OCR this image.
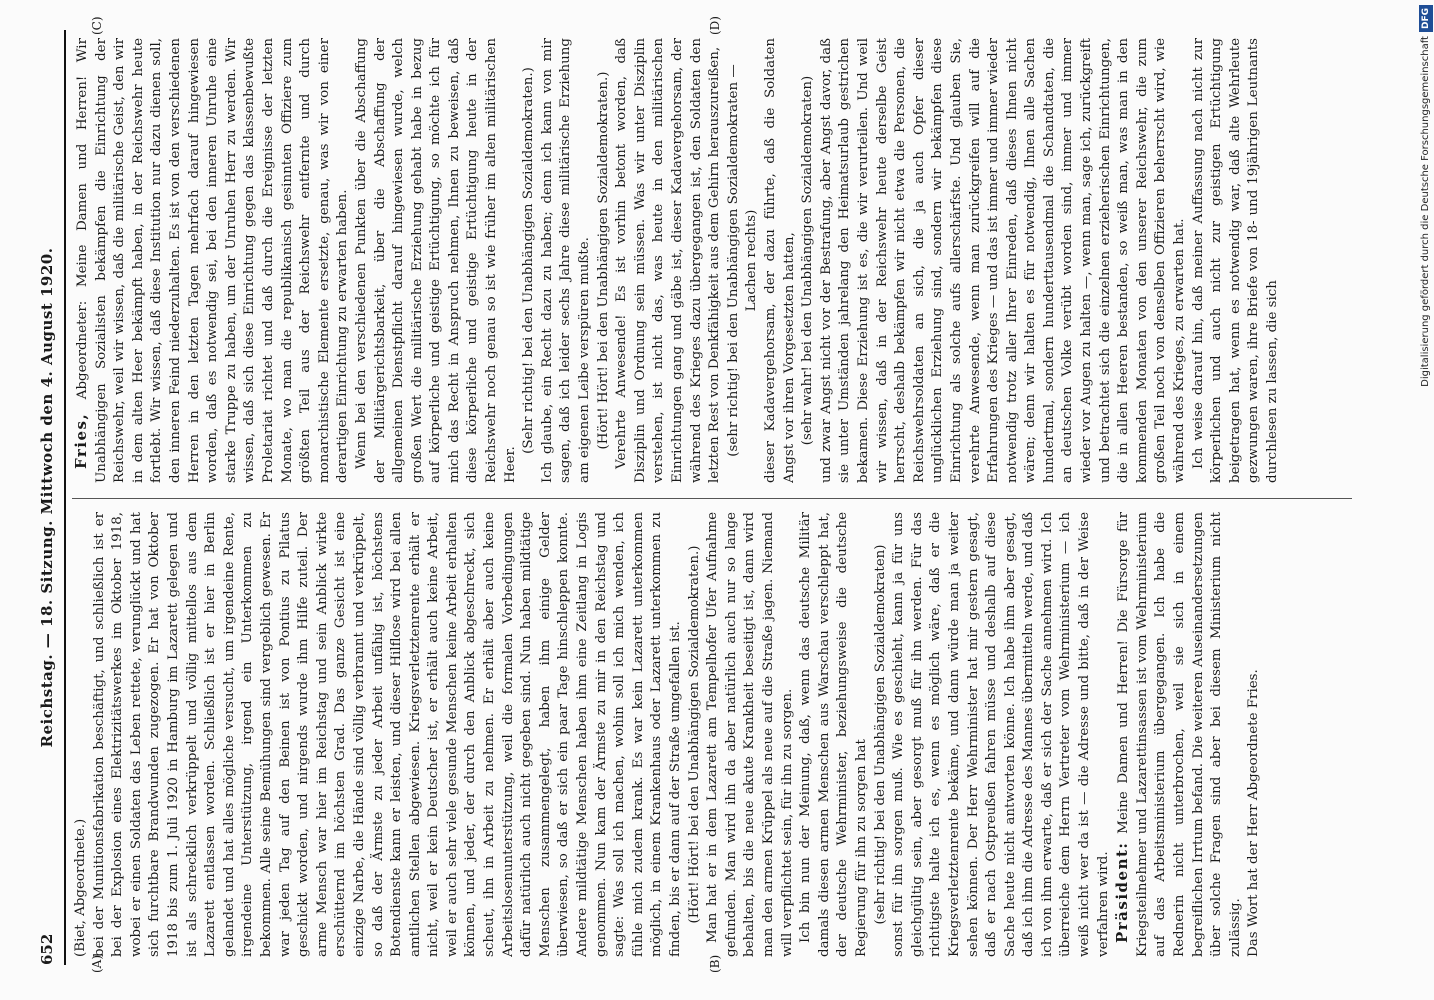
652
Reichstag. — 18. Sitzung. Mittwoch den 4. August 1920.
(A)	(B)
(C)	(D)

(Biet, Abgeordnete.) bei der Munitionsfabrikation beschäftigt, und schließlich ist er bei der Explosion eines Elektrizitätswerkes im Oktober 1918, wobei er einen Soldaten das Leben rettete, verunglückt und hat sich furchtbare Brandwunden zugezogen. Er hat von Oktober 1918 bis zum 1. Juli 1920 in Hamburg im Lazarett gelegen und ist als schrecklich verkrüppelt und völlig mittellos aus dem Lazarett entlassen worden. Schließlich ist er hier in Berlin gelandet und hat alles mögliche versucht, um irgendeine Rente, irgendeine Unterstützung, irgend ein Unterkommen zu bekommen. Alle seine Bemühungen sind vergeblich gewesen. Er war jeden Tag auf den Beinen ist von Pontius zu Pilatus geschickt worden, und nirgends wurde ihm Hilfe zuteil. Der arme Mensch war hier im Reichstag und sein Anblick wirkte erschütternd im höchsten Grad. Das ganze Gesicht ist eine einzige Narbe, die Hände sind völlig verbrannt und verkrüppelt, so daß der Ärmste zu jeder Arbeit unfähig ist, höchstens Botendienste kann er leisten, und dieser Hilflose wird bei allen amtlichen Stellen abgewiesen. Kriegsverletztenrente erhält er nicht, weil er kein Deutscher ist, er erhält auch keine Arbeit, weil er auch sehr viele gesunde Menschen keine Arbeit erhalten können, und jeder, der durch den Anblick abgeschreckt, sich scheut, ihn in Arbeit zu nehmen. Er erhält aber auch keine Arbeitslosenunterstützung, weil die formalen Vorbedingungen dafür natürlich auch nicht gegeben sind. Nun haben mildtätige Menschen zusammengelegt, haben ihm einige Gelder überwiesen, so daß er sich ein paar Tage hinschleppen konnte. Andere mildtätige Menschen haben ihm eine Zeitlang in Logis genommen. Nun kam der Ärmste zu mir in den Reichstag und sagte: Was soll ich machen, wohin soll ich mich wenden, ich fühle mich zudem krank. Es war kein Lazarett unterkommen möglich, in einem Krankenhaus oder Lazarett unterkommen zu finden, bis er dann auf der Straße umgefallen ist. (Hört! Hört! bei den Unabhängigen Sozialdemokraten.) Man hat er in dem Lazarett am Tempelhofer Ufer Aufnahme gefunden. Man wird ihn da aber natürlich auch nur so lange behalten, bis die neue akute Krankheit beseitigt ist, dann wird man den armen Krüppel als neue auf die Straße jagen. Niemand will verpflichtet sein, für ihn zu sorgen. Ich bin nun der Meinung, daß, wenn das deutsche Militär damals diesen armen Menschen aus Warschau verschleppt hat, der deutsche Wehrminister, beziehungsweise die deutsche Regierung für ihn zu sorgen hat (sehr richtig! bei den Unabhängigen Sozialdemokraten) sonst für ihn sorgen muß. Wie es geschieht, kann ja für uns gleichgültig sein, aber gesorgt muß für ihn werden. Für das richtigste halte ich es, wenn es möglich wäre, daß er die Kriegsverletztenrente bekäme, und dann würde man ja weiter sehen können. Der Herr Wehrminister hat mir gestern gesagt, daß er nach Ostpreußen fahren müsse und deshalb auf diese Sache heute nicht antworten könne. Ich habe ihm aber gesagt, daß ich ihm die Adresse des Mannes übermitteln werde, und daß ich von ihm erwarte, daß er sich der Sache annehmen wird. Ich überreiche dem Herrn Vertreter vom Wehrministerium — ich weiß nicht wer da ist — die Adresse und bitte, daß in der Weise verfahren wird. Präsident: Meine Damen und Herren! Die Fürsorge für Kriegsteilnehmer und Lazarettinsassen ist vom Wehrministerium auf das Arbeitsministerium übergegangen. Ich habe die Rednerin nicht unterbrochen, weil sie sich in einem begreiflichen Irrtum befand. Die weiteren Auseinandersetzungen über solche Fragen sind aber bei diesem Ministerium nicht zulässig. Das Wort hat der Herr Abgeordnete Fries.

Fries, Abgeordneter: Meine Damen und Herren! Wir Unabhängigen Sozialisten bekämpfen die Einrichtung der Reichswehr, weil wir wissen, daß die militärische Geist, den wir in dem alten Heer bekämpft haben, in der Reichswehr heute fortlebt. Wir wissen, daß diese Institution nur dazu dienen soll, den inneren Feind niederzuhalten. Es ist von den verschiedenen Herren in den letzten Tagen mehrfach darauf hingewiesen worden, daß es notwendig sei, bei den inneren Unruhe eine starke Truppe zu haben, um der Unruhen Herr zu werden. Wir wissen, daß sich diese Einrichtung gegen das klassenbewußte Proletariat richtet und daß durch die Ereignisse der letzten Monate, wo man die republikanisch gesinnten Offiziere zum größten Teil aus der Reichswehr entfernte und durch monarchistische Elemente ersetzte, genau, was wir von einer derartigen Einrichtung zu erwarten haben. Wenn bei den verschiedenen Punkten über die Abschaffung der Militärgerichtsbarkeit, über die Abschaffung der allgemeinen Dienstpflicht darauf hingewiesen wurde, welch großen Wert die militärische Erziehung gehabt habe in bezug auf körperliche und geistige Ertüchtigung, so möchte ich für mich das Recht in Anspruch nehmen, Ihnen zu beweisen, daß diese körperliche und geistige Ertüchtigung heute in der Reichswehr noch genau so ist wie früher im alten militärischen Heer.

(Sehr richtig! bei den Unabhängigen Sozialdemokraten.) Ich glaube, ein Recht dazu zu haben; denn ich kann von mir sagen, daß ich leider sechs Jahre diese militärische Erziehung am eigenen Leibe verspüren mußte. (Hört! Hört! bei den Unabhängigen Sozialdemokraten.) Verehrte Anwesende! Es ist vorhin betont worden, daß Disziplin und Ordnung sein müssen. Was wir unter Disziplin verstehen, ist nicht das, was heute in den militärischen Einrichtungen gang und gäbe ist, dieser Kadavergehorsam, der während des Krieges dazu übergegangen ist, den Soldaten den letzten Rest von Denkfähigkeit aus dem Gehirn herauszureißen, (sehr richtig! bei den Unabhängigen Sozialdemokraten — Lachen rechts) dieser Kadavergehorsam, der dazu führte, daß die Soldaten Angst vor ihren Vorgesetzten hatten, (sehr wahr! bei den Unabhängigen Sozialdemokraten) und zwar Angst nicht vor der Bestrafung, aber Angst davor, daß sie unter Umständen jahrelang den Heimatsurlaub gestrichen bekamen. Diese Erziehung ist es, die wir verurteilen. Und weil wir wissen, daß in der Reichswehr heute derselbe Geist herrscht, deshalb bekämpfen wir nicht etwa die Personen, die Reichswehrsoldaten an sich, die ja auch Opfer dieser unglücklichen Erziehung sind, sondern wir bekämpfen diese Einrichtung als solche aufs allerschärfste. Und glauben Sie, verehrte Anwesende, wenn man zurückgreifen will auf die Erfahrungen des Krieges — und das ist immer und immer wieder notwendig trotz aller Ihrer Einreden, daß dieses Ihnen nicht wären; denn wir halten es für notwendig, Ihnen alle Sachen hundertmal, sondern hunderttausendmal die Schandtaten, die an deutschen Volke verübt worden sind, immer und immer wieder vor Augen zu halten —, wenn man, sage ich, zurückgreift und betrachtet sich die einzelnen erzieherischen Einrichtungen, die in allen Heeren bestanden, so weiß man, was man in den kommenden Monaten von den unserer Reichswehr, die zum großen Teil noch von denselben Offizieren beherrscht wird, wie während des Krieges, zu erwarten hat. Ich weise darauf hin, daß meiner Auffassung nach nicht zur körperlichen und auch nicht zur geistigen Ertüchtigung beigetragen hat, wenn es notwendig war, daß alte Wehrleute gezwungen waren, ihre Briefe von 18- und 19jährigen Leutnants durchlesen zu lassen, die sich	Digitalisierung gefördert durch die Deutsche ForschungsgemeinschaftDFG
